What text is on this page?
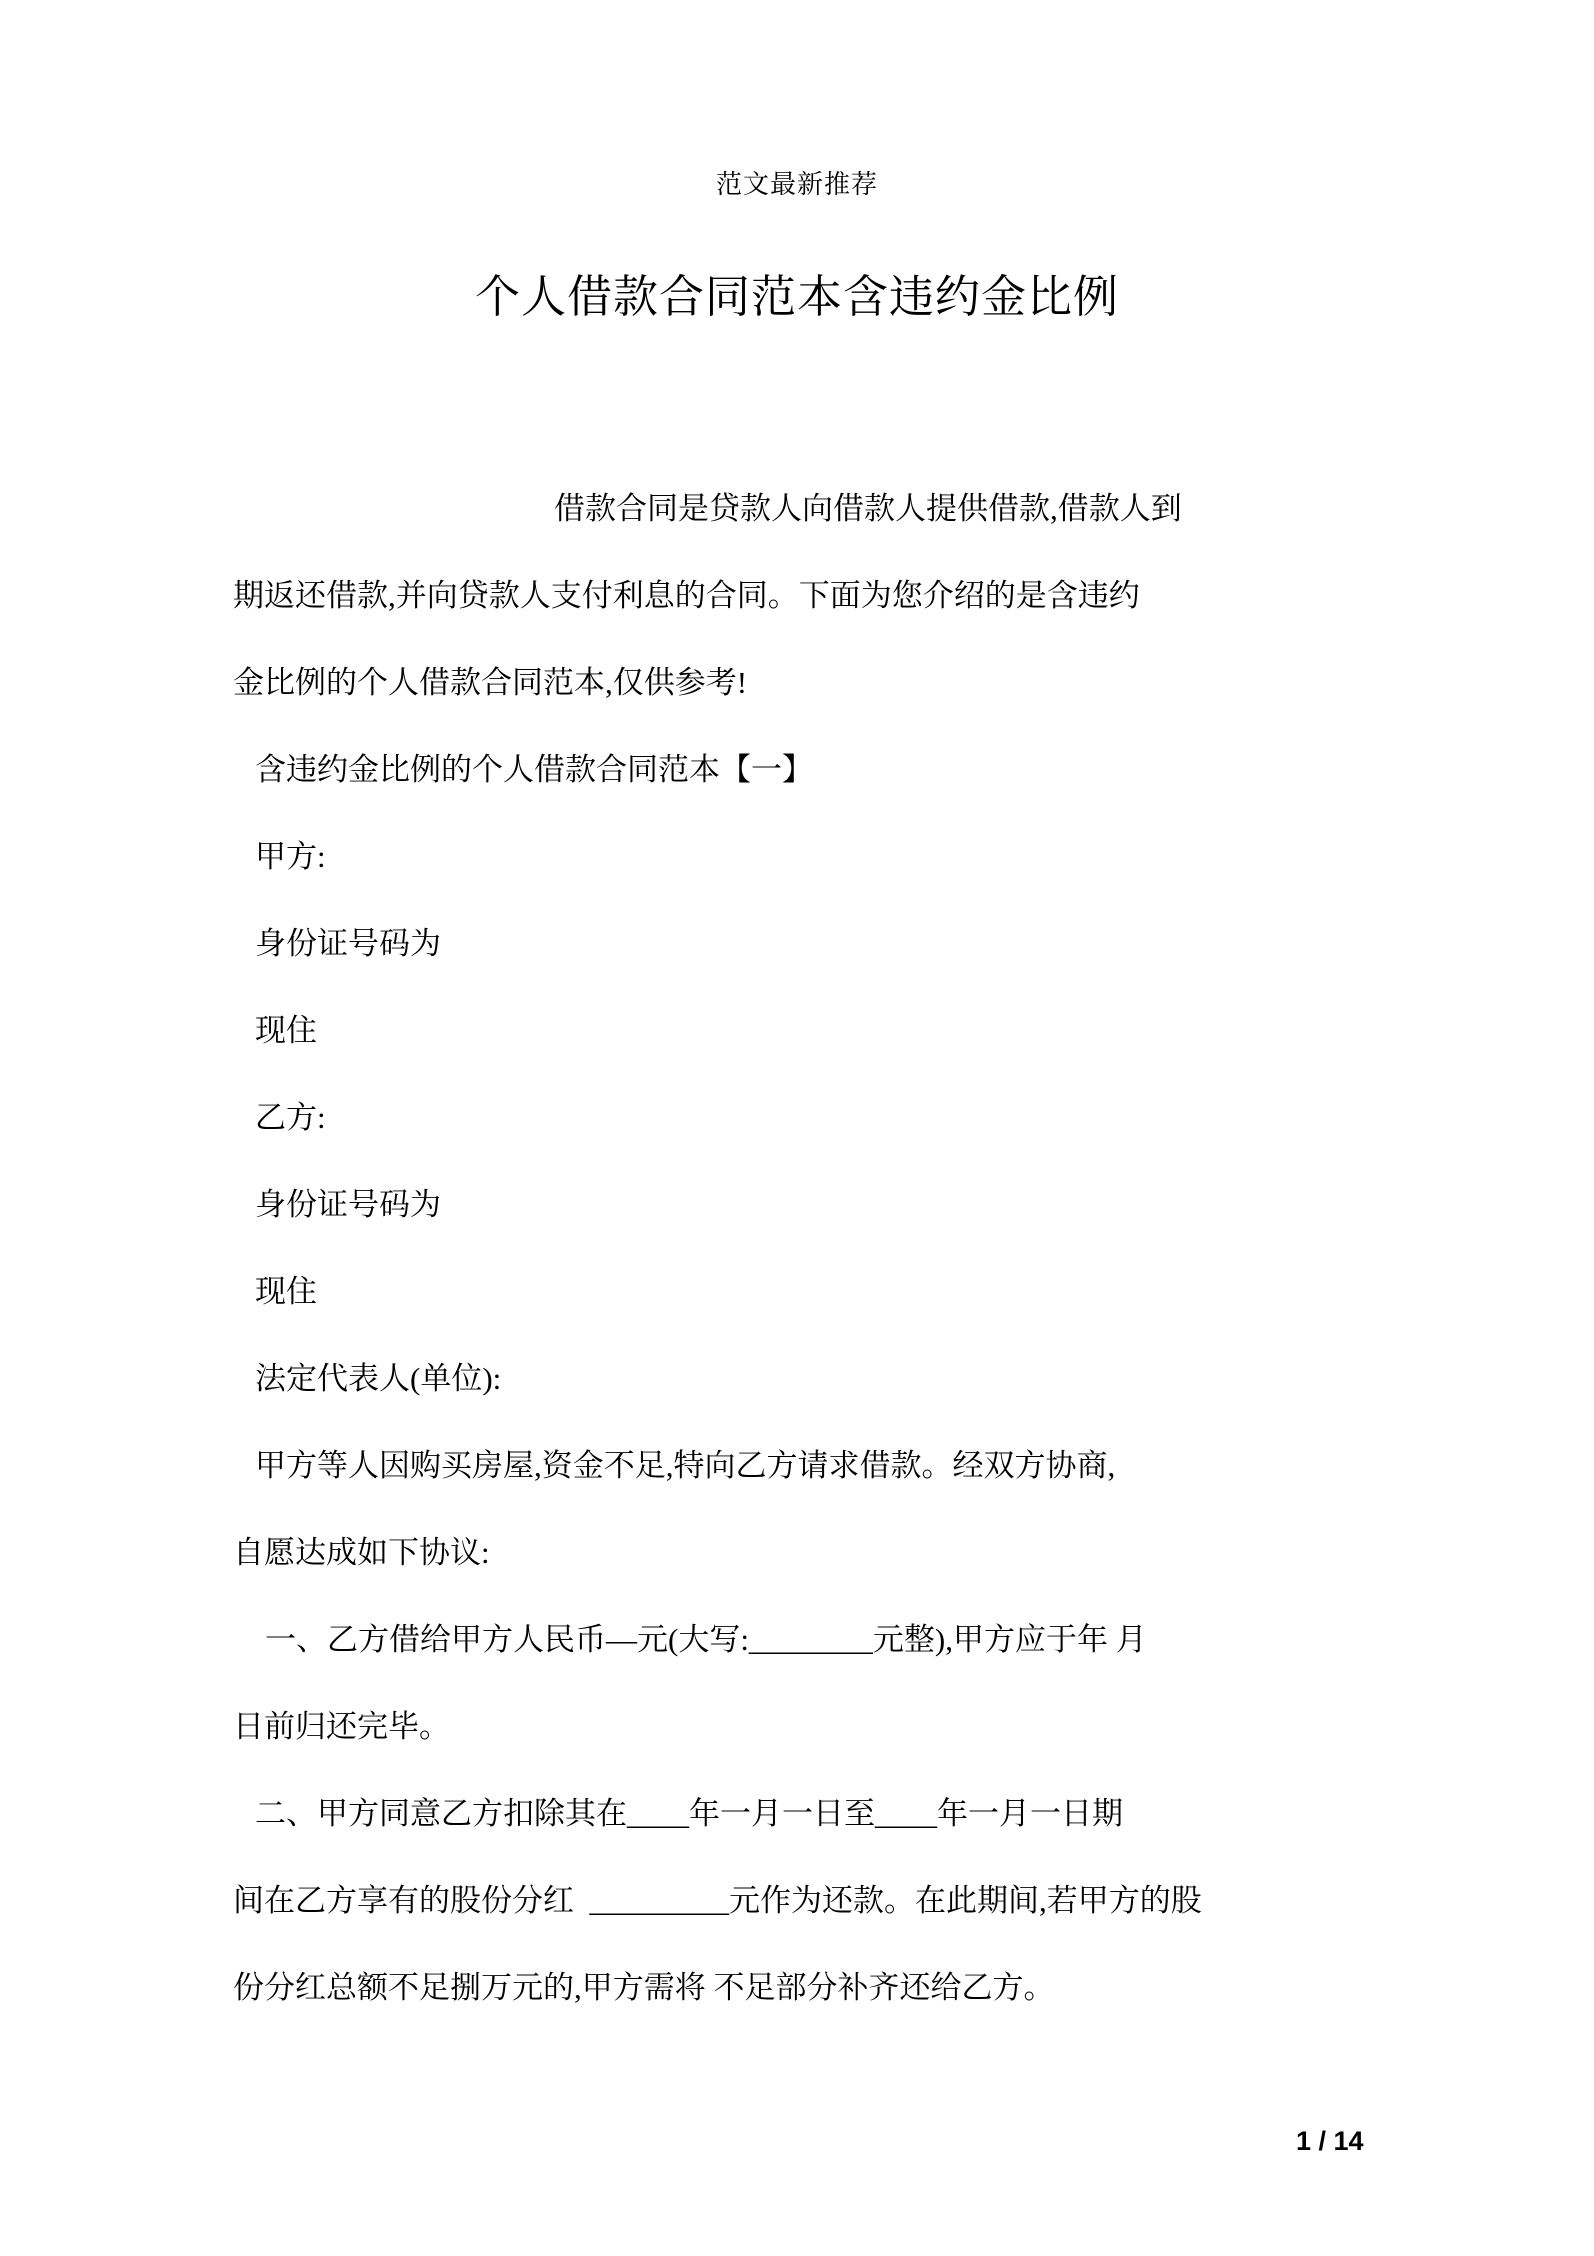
范文最新推荐
个人借款合同范本含违约金比例
借款合同是贷款人向借款人提供借款,借款人到
期返还借款,并向贷款人支付利息的合同。下面为您介绍的是含违约
金比例的个人借款合同范本,仅供参考!
含违约金比例的个人借款合同范本【一】
甲方:
身份证号码为
现住
乙方:
身份证号码为
现住
法定代表人(单位):
甲方等人因购买房屋,资金不足,特向乙方请求借款。经双方协商,
自愿达成如下协议:
一、乙方借给甲方人民币—元(大写:________元整),甲方应于年 月
日前归还完毕。
二、甲方同意乙方扣除其在____年一月一日至____年一月一日期
间在乙方享有的股份分红  _________元作为还款。在此期间,若甲方的股
份分红总额不足捌万元的,甲方需将 不足部分补齐还给乙方。
1 / 14
